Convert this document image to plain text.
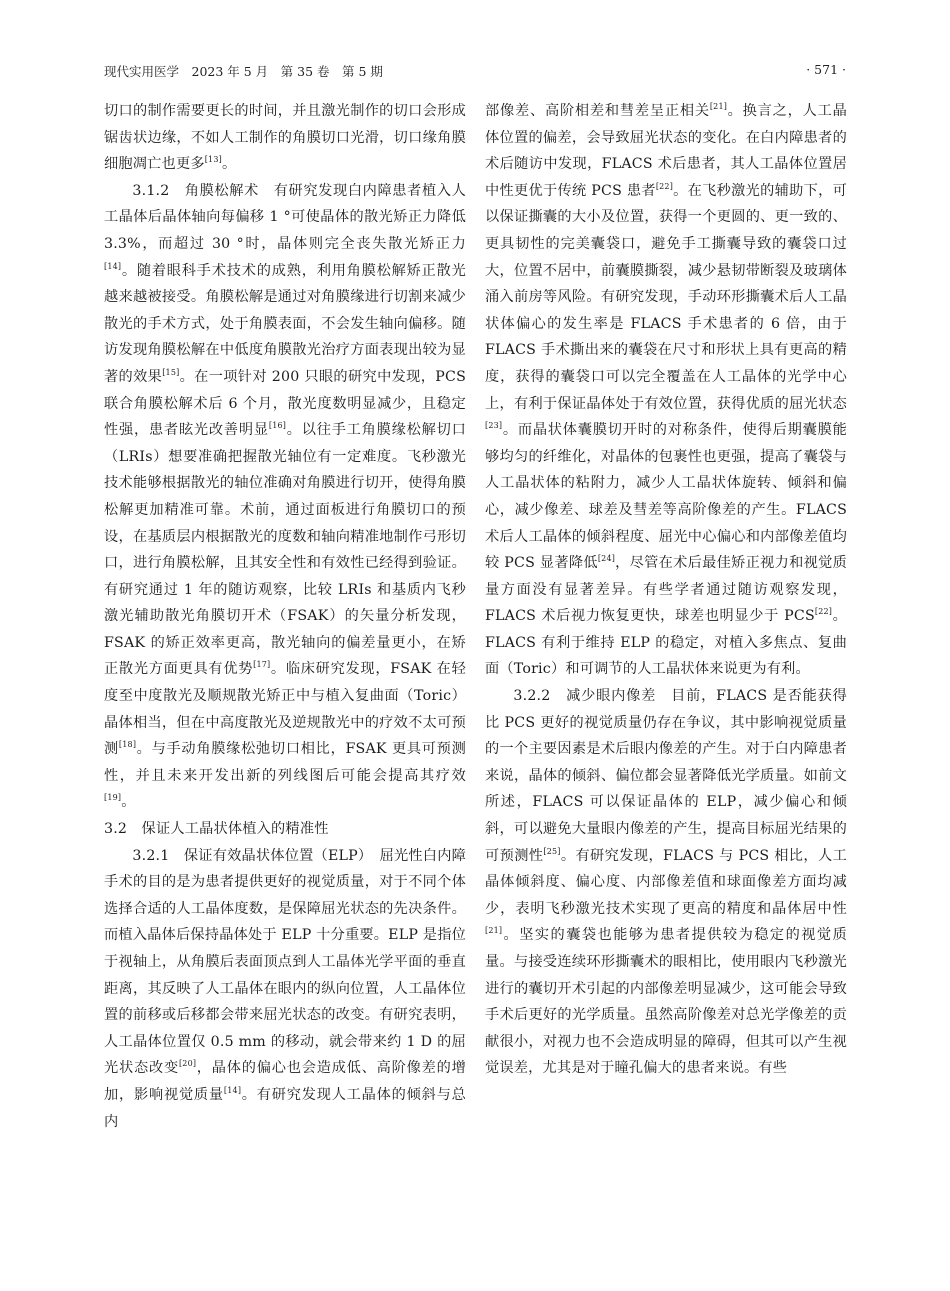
现代实用医学　2023 年 5 月　第 35 卷　第 5 期	· 571 ·

切口的制作需要更长的时间，并且激光制作的切口会形成锯齿状边缘，不如人工制作的角膜切口光滑，切口缘角膜细胞凋亡也更多[13]。

3.1.2　角膜松解术　有研究发现白内障患者植入人工晶体后晶体轴向每偏移 1 °可使晶体的散光矫正力降低 3.3%，而超过 30 °时，晶体则完全丧失散光矫正力[14]。随着眼科手术技术的成熟，利用角膜松解矫正散光越来越被接受。角膜松解是通过对角膜缘进行切割来减少散光的手术方式，处于角膜表面，不会发生轴向偏移。随访发现角膜松解在中低度角膜散光治疗方面表现出较为显著的效果[15]。在一项针对 200 只眼的研究中发现，PCS 联合角膜松解术后 6 个月，散光度数明显减少，且稳定性强，患者眩光改善明显[16]。以往手工角膜缘松解切口（LRIs）想要准确把握散光轴位有一定难度。飞秒激光技术能够根据散光的轴位准确对角膜进行切开，使得角膜松解更加精准可靠。术前，通过面板进行角膜切口的预设，在基质层内根据散光的度数和轴向精准地制作弓形切口，进行角膜松解，且其安全性和有效性已经得到验证。有研究通过 1 年的随访观察，比较 LRIs 和基质内飞秒激光辅助散光角膜切开术（FSAK）的矢量分析发现，FSAK 的矫正效率更高，散光轴向的偏差量更小，在矫正散光方面更具有优势[17]。临床研究发现，FSAK 在轻度至中度散光及顺规散光矫正中与植入复曲面（Toric）晶体相当，但在中高度散光及逆规散光中的疗效不太可预测[18]。与手动角膜缘松弛切口相比，FSAK 更具可预测性，并且未来开发出新的列线图后可能会提高其疗效[19]。

3.2　保证人工晶状体植入的精准性

3.2.1　保证有效晶状体位置（ELP）　屈光性白内障手术的目的是为患者提供更好的视觉质量，对于不同个体选择合适的人工晶体度数，是保障屈光状态的先决条件。而植入晶体后保持晶体处于 ELP 十分重要。ELP 是指位于视轴上，从角膜后表面顶点到人工晶体光学平面的垂直距离，其反映了人工晶体在眼内的纵向位置，人工晶体位置的前移或后移都会带来屈光状态的改变。有研究表明，人工晶体位置仅 0.5 mm 的移动，就会带来约 1 D 的屈光状态改变[20]，晶体的偏心也会造成低、高阶像差的增加，影响视觉质量[14]。有研究发现人工晶体的倾斜与总内

部像差、高阶相差和彗差呈正相关[21]。换言之，人工晶体位置的偏差，会导致屈光状态的变化。在白内障患者的术后随访中发现，FLACS 术后患者，其人工晶体位置居中性更优于传统 PCS 患者[22]。在飞秒激光的辅助下，可以保证撕囊的大小及位置，获得一个更圆的、更一致的、更具韧性的完美囊袋口，避免手工撕囊导致的囊袋口过大，位置不居中，前囊膜撕裂，减少悬韧带断裂及玻璃体涌入前房等风险。有研究发现，手动环形撕囊术后人工晶状体偏心的发生率是 FLACS 手术患者的 6 倍，由于 FLACS 手术撕出来的囊袋在尺寸和形状上具有更高的精度，获得的囊袋口可以完全覆盖在人工晶体的光学中心上，有利于保证晶体处于有效位置，获得优质的屈光状态[23]。而晶状体囊膜切开时的对称条件，使得后期囊膜能够均匀的纤维化，对晶体的包裹性也更强，提高了囊袋与人工晶状体的粘附力，减少人工晶状体旋转、倾斜和偏心，减少像差、球差及彗差等高阶像差的产生。FLACS 术后人工晶体的倾斜程度、屈光中心偏心和内部像差值均较 PCS 显著降低[24]，尽管在术后最佳矫正视力和视觉质量方面没有显著差异。有些学者通过随访观察发现，FLACS 术后视力恢复更快，球差也明显少于 PCS[22]。FLACS 有利于维持 ELP 的稳定，对植入多焦点、复曲面（Toric）和可调节的人工晶状体来说更为有利。

3.2.2　减少眼内像差　目前，FLACS 是否能获得比 PCS 更好的视觉质量仍存在争议，其中影响视觉质量的一个主要因素是术后眼内像差的产生。对于白内障患者来说，晶体的倾斜、偏位都会显著降低光学质量。如前文所述，FLACS 可以保证晶体的 ELP，减少偏心和倾斜，可以避免大量眼内像差的产生，提高目标屈光结果的可预测性[25]。有研究发现，FLACS 与 PCS 相比，人工晶体倾斜度、偏心度、内部像差值和球面像差方面均减少，表明飞秒激光技术实现了更高的精度和晶体居中性[21]。坚实的囊袋也能够为患者提供较为稳定的视觉质量。与接受连续环形撕囊术的眼相比，使用眼内飞秒激光进行的囊切开术引起的内部像差明显减少，这可能会导致手术后更好的光学质量。虽然高阶像差对总光学像差的贡献很小，对视力也不会造成明显的障碍，但其可以产生视觉误差，尤其是对于瞳孔偏大的患者来说。有些
